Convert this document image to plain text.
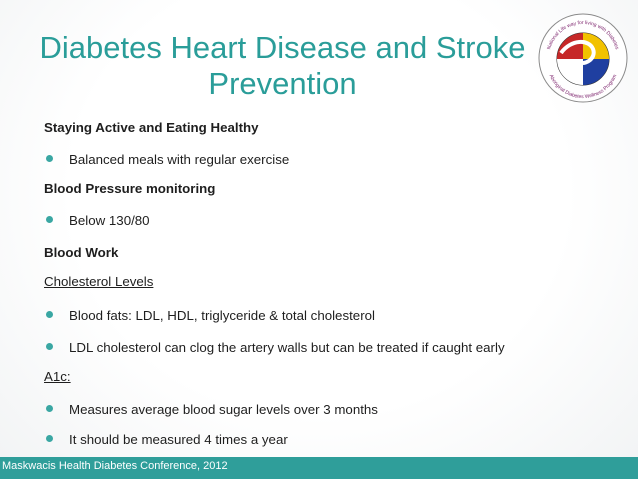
Diabetes Heart Disease and Stroke
Prevention
National Life way for living with Diabetes
Aboriginal Diabetes Wellness Program
Staying Active and Eating Healthy
Balanced meals with regular exercise
Blood Pressure monitoring
Below 130/80
Blood Work
Cholesterol Levels
Blood fats: LDL, HDL, triglyceride & total cholesterol
LDL cholesterol can clog the artery walls but can be treated if caught early
A1c:
Measures average blood sugar levels over 3 months
It should be measured 4 times a year
Maskwacis Health Diabetes Conference, 2012
